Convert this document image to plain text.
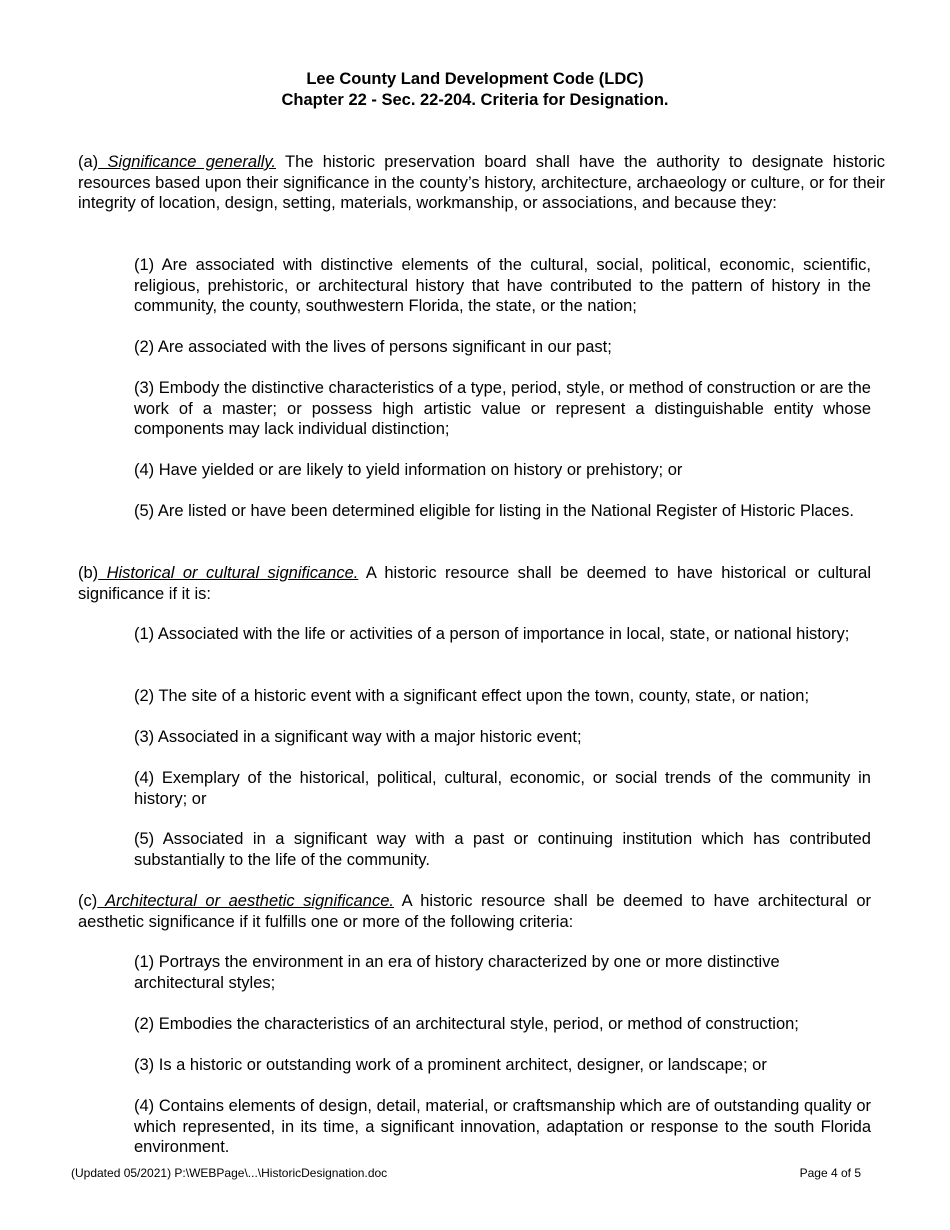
Lee County Land Development Code (LDC)
Chapter 22 - Sec. 22-204. Criteria for Designation.

(a) Significance generally. The historic preservation board shall have the authority to designate historic resources based upon their significance in the county’s history, architecture, archaeology or culture, or for their integrity of location, design, setting, materials, workmanship, or associations, and because they:

(1) Are associated with distinctive elements of the cultural, social, political, economic, scientific, religious, prehistoric, or architectural history that have contributed to the pattern of history in the community, the county, southwestern Florida, the state, or the nation;

(2) Are associated with the lives of persons significant in our past;

(3) Embody the distinctive characteristics of a type, period, style, or method of construction or are the work of a master; or possess high artistic value or represent a distinguishable entity whose components may lack individual distinction;

(4) Have yielded or are likely to yield information on history or prehistory; or

(5) Are listed or have been determined eligible for listing in the National Register of Historic Places.

(b) Historical or cultural significance. A historic resource shall be deemed to have historical or cultural significance if it is:

(1) Associated with the life or activities of a person of importance in local, state, or national history;

(2) The site of a historic event with a significant effect upon the town, county, state, or nation;

(3) Associated in a significant way with a major historic event;

(4) Exemplary of the historical, political, cultural, economic, or social trends of the community in history; or

(5) Associated in a significant way with a past or continuing institution which has contributed substantially to the life of the community.

(c) Architectural or aesthetic significance. A historic resource shall be deemed to have architectural or aesthetic significance if it fulfills one or more of the following criteria:

(1) Portrays the environment in an era of history characterized by one or more distinctive architectural styles;

(2) Embodies the characteristics of an architectural style, period, or method of construction;

(3) Is a historic or outstanding work of a prominent architect, designer, or landscape; or

(4) Contains elements of design, detail, material, or craftsmanship which are of outstanding quality or which represented, in its time, a significant innovation, adaptation or response to the south Florida environment.

(Updated 05/2021) P:\WEBPage\...\HistoricDesignation.doc	Page 4 of 5
